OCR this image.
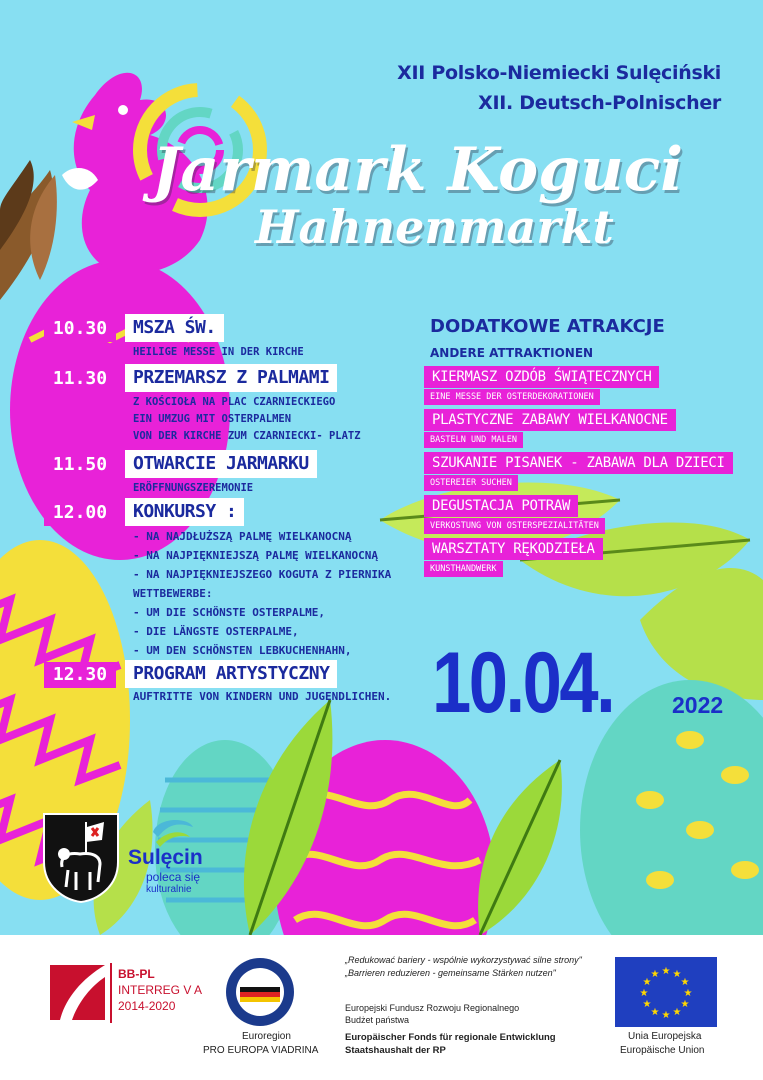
XII Polsko-Niemiecki Sulęciński
XII. Deutsch-Polnischer
Jarmark Koguci
Hahnenmarkt
10.30	MSZA ŚW.
HEILIGE MESSE IN DER KIRCHE
11.30	PRZEMARSZ Z PALMAMI
Z KOŚCIOŁA NA PLAC CZARNIECKIEGO
EIN UMZUG MIT OSTERPALMEN
VON DER KIRCHE ZUM CZARNIECKI- PLATZ
11.50	OTWARCIE JARMARKU
ERÖFFNUNGSZEREMONIE
12.00	KONKURSY :
- NA NAJDŁUŻSZĄ PALMĘ WIELKANOCNĄ
- NA NAJPIĘKNIEJSZĄ PALMĘ WIELKANOCNĄ
- NA NAJPIĘKNIEJSZEGO KOGUTA Z PIERNIKA
WETTBEWERBE:
- UM DIE SCHÖNSTE OSTERPALME,
- DIE LÄNGSTE OSTERPALME,
- UM DEN SCHÖNSTEN LEBKUCHENHAHN,
12.30	PROGRAM ARTYSTYCZNY
AUFTRITTE VON KINDERN UND JUGENDLICHEN.
DODATKOWE ATRAKCJE
ANDERE ATTRAKTIONEN
KIERMASZ OZDÓB ŚWIĄTECZNYCH
EINE MESSE DER OSTERDEKORATIONEN
PLASTYCZNE ZABAWY WIELKANOCNE
BASTELN UND MALEN
SZUKANIE PISANEK - ZABAWA DLA DZIECI
OSTEREIER SUCHEN
DEGUSTACJA POTRAW
VERKOSTUNG VON OSTERSPEZIALITÄTEN
WARSZTATY RĘKODZIEŁA
KUNSTHANDWERK
10.04.	2022
Sulęcin
poleca się
kulturalnie
BB-PL
INTERREG V A
2014-2020
Euroregion
PRO EUROPA VIADRINA
„Redukować bariery - wspólnie wykorzystywać silne strony"
„Barrieren reduzieren - gemeinsame Stärken nutzen"
Europejski Fundusz Rozwoju Regionalnego
Budżet państwa
Europäischer Fonds für regionale Entwicklung
Staatshaushalt der RP
★ ★
★
★
★
★
★
★
★
★
★
★
Unia Europejska
Europäische Union
